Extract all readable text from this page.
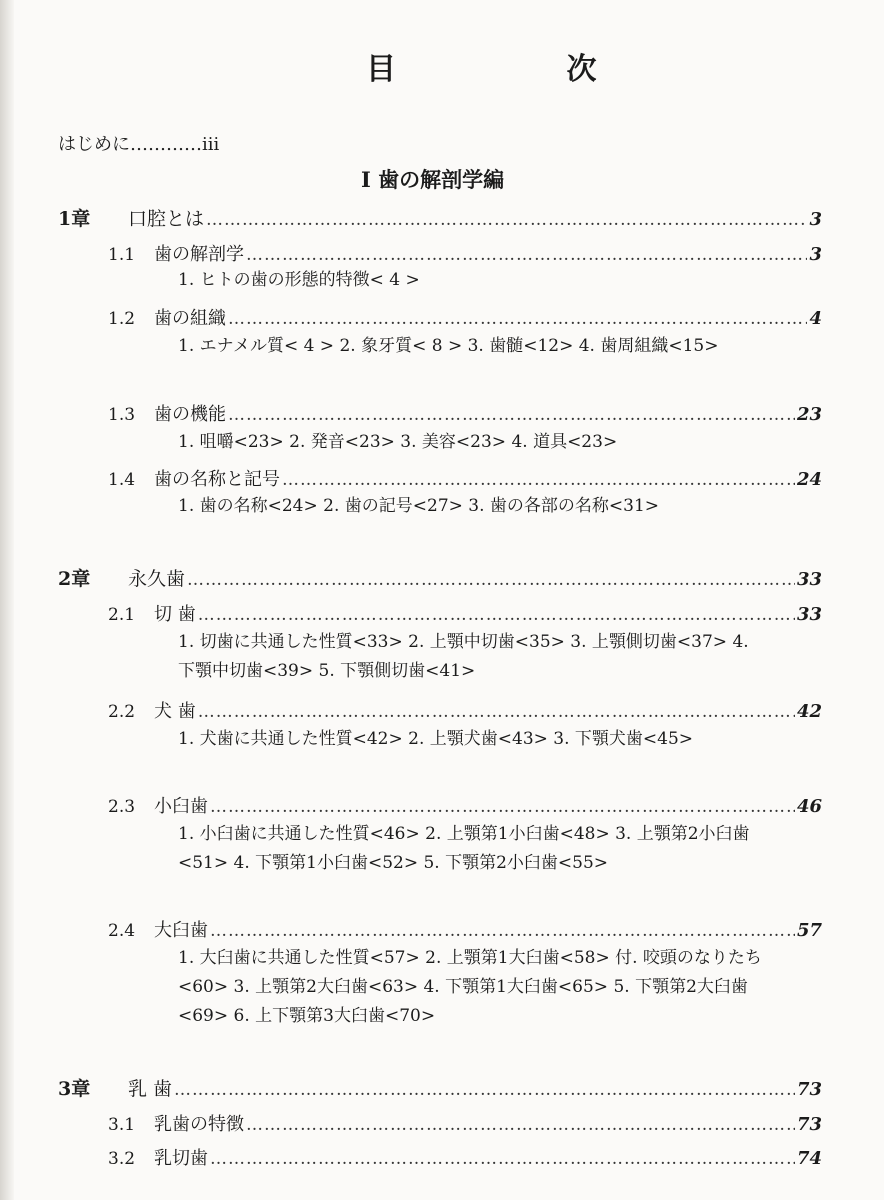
目 次
はじめに…………iii
I 歯の解剖学編
1章	口腔とは …………………………………………………………………………………………………………………………………………………………………………	3
1.1	歯の解剖学 …………………………………………………………………………………………………………………………………………………………………………	3
1. ヒトの歯の形態的特徴< 4 >
1.2	歯の組織 …………………………………………………………………………………………………………………………………………………………………………	4
1. エナメル質< 4 > 2. 象牙質< 8 > 3. 歯髄<12> 4. 歯周組織<15>
1.3	歯の機能 …………………………………………………………………………………………………………………………………………………………………………	23
1. 咀嚼<23> 2. 発音<23> 3. 美容<23> 4. 道具<23>
1.4	歯の名称と記号 …………………………………………………………………………………………………………………………………………………………………………	24
1. 歯の名称<24> 2. 歯の記号<27> 3. 歯の各部の名称<31>
2章	永久歯 …………………………………………………………………………………………………………………………………………………………………………	33
2.1	切 歯 …………………………………………………………………………………………………………………………………………………………………………	33
1. 切歯に共通した性質<33> 2. 上顎中切歯<35> 3. 上顎側切歯<37> 4. 下顎中切歯<39> 5. 下顎側切歯<41>
2.2	犬 歯 …………………………………………………………………………………………………………………………………………………………………………	42
1. 犬歯に共通した性質<42> 2. 上顎犬歯<43> 3. 下顎犬歯<45>
2.3	小臼歯 …………………………………………………………………………………………………………………………………………………………………………	46
1. 小臼歯に共通した性質<46> 2. 上顎第1小臼歯<48> 3. 上顎第2小臼歯<51> 4. 下顎第1小臼歯<52> 5. 下顎第2小臼歯<55>
2.4	大臼歯 …………………………………………………………………………………………………………………………………………………………………………	57
1. 大臼歯に共通した性質<57> 2. 上顎第1大臼歯<58> 付. 咬頭のなりたち<60> 3. 上顎第2大臼歯<63> 4. 下顎第1大臼歯<65> 5. 下顎第2大臼歯<69> 6. 上下顎第3大臼歯<70>
3章	乳 歯 …………………………………………………………………………………………………………………………………………………………………………	73
3.1	乳歯の特徴 …………………………………………………………………………………………………………………………………………………………………………	73
3.2	乳切歯 …………………………………………………………………………………………………………………………………………………………………………	74
